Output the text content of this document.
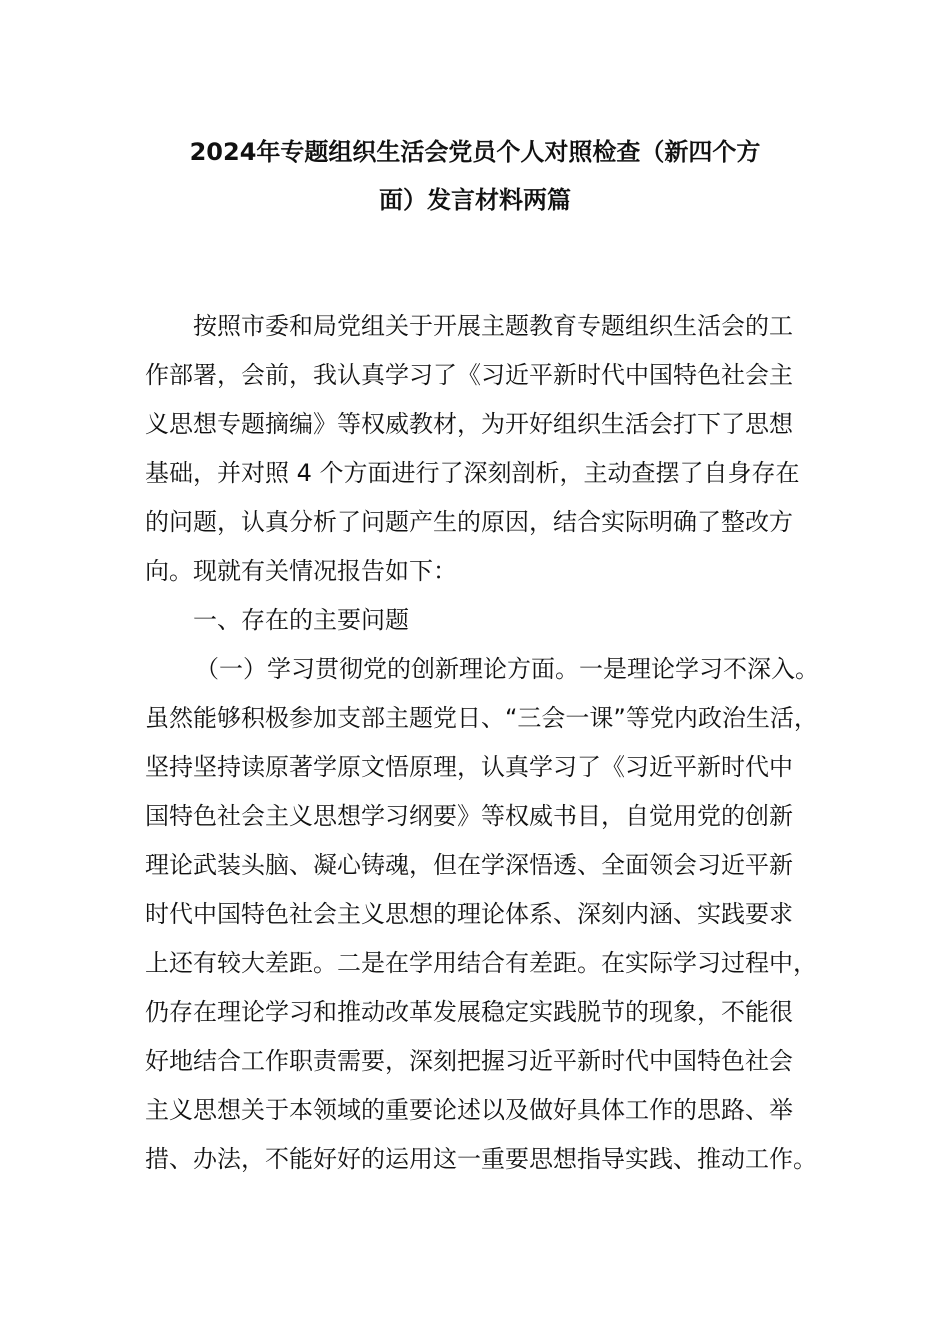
2024年专题组织生活会党员个人对照检查（新四个方
面）发言材料两篇
按照市委和局党组关于开展主题教育专题组织生活会的工
作部署，会前，我认真学习了《习近平新时代中国特色社会主
义思想专题摘编》等权威教材，为开好组织生活会打下了思想
基础，并对照 4 个方面进行了深刻剖析，主动查摆了自身存在
的问题，认真分析了问题产生的原因，结合实际明确了整改方
向。现就有关情况报告如下：
一、存在的主要问题
（一）学习贯彻党的创新理论方面。一是理论学习不深入。
虽然能够积极参加支部主题党日、“三会一课”等党内政治生活，
坚持坚持读原著学原文悟原理，认真学习了《习近平新时代中
国特色社会主义思想学习纲要》等权威书目，自觉用党的创新
理论武装头脑、凝心铸魂，但在学深悟透、全面领会习近平新
时代中国特色社会主义思想的理论体系、深刻内涵、实践要求
上还有较大差距。二是在学用结合有差距。在实际学习过程中，
仍存在理论学习和推动改革发展稳定实践脱节的现象，不能很
好地结合工作职责需要，深刻把握习近平新时代中国特色社会
主义思想关于本领域的重要论述以及做好具体工作的思路、举
措、办法，不能好好的运用这一重要思想指导实践、推动工作。
